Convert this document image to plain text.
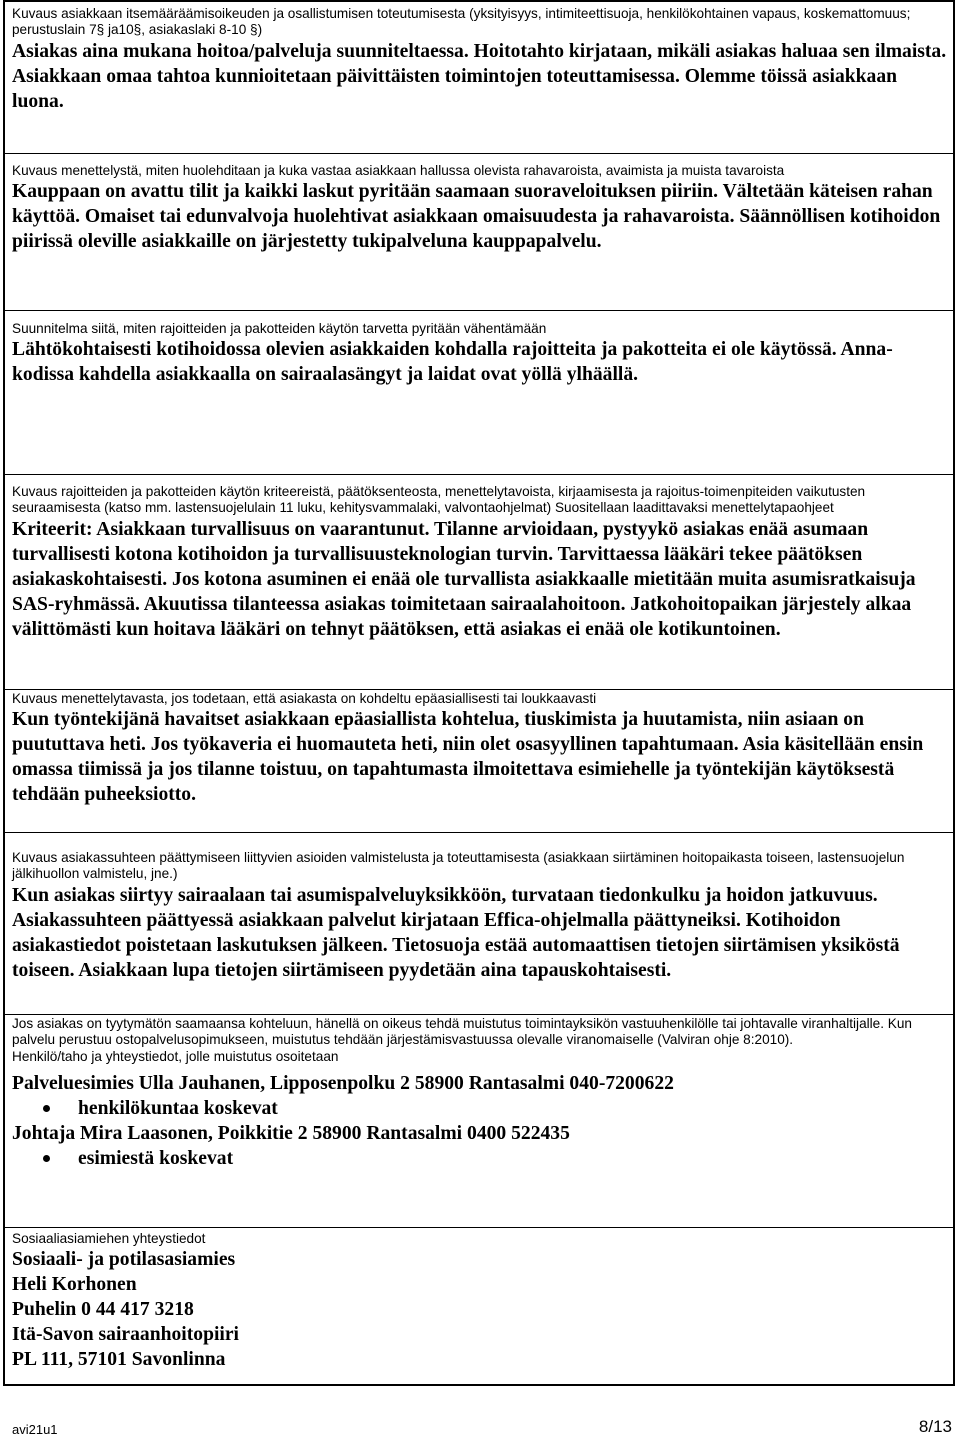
Kuvaus asiakkaan itsemääräämisoikeuden ja osallistumisen toteutumisesta (yksityisyys, intimiteettisuoja, henkilökohtainen vapaus, koskemattomuus; perustuslain 7§ ja10§, asiakaslaki 8-10 §)
Asiakas aina mukana hoitoa/palveluja suunniteltaessa. Hoitotahto kirjataan, mikäli asiakas haluaa sen ilmaista. Asiakkaan omaa tahtoa kunnioitetaan päivittäisten toimintojen toteuttamisessa. Olemme töissä asiakkaan luona.
Kuvaus menettelystä, miten huolehditaan ja kuka vastaa asiakkaan hallussa olevista rahavaroista, avaimista ja muista tavaroista
Kauppaan on avattu tilit ja kaikki laskut pyritään saamaan suoraveloituksen piiriin. Vältetään käteisen rahan käyttöä. Omaiset tai edunvalvoja huolehtivat asiakkaan omaisuudesta ja rahavaroista. Säännöllisen kotihoidon piirissä oleville asiakkaille on järjestetty tukipalveluna kauppapalvelu.
Suunnitelma siitä, miten rajoitteiden ja pakotteiden käytön tarvetta pyritään vähentämään
Lähtökohtaisesti kotihoidossa olevien asiakkaiden kohdalla rajoitteita ja pakotteita ei ole käytössä. Anna-kodissa kahdella asiakkaalla on sairaalasängyt ja laidat ovat yöllä ylhäällä.
Kuvaus rajoitteiden ja pakotteiden käytön kriteereistä, päätöksenteosta, menettelytavoista, kirjaamisesta ja rajoitus-toimenpiteiden vaikutusten seuraamisesta (katso mm. lastensuojelulain 11 luku, kehitysvammalaki, valvontaohjelmat) Suositellaan laadittavaksi menettelytapaohjeet
Kriteerit: Asiakkaan turvallisuus on vaarantunut. Tilanne arvioidaan, pystyykö asiakas enää asumaan turvallisesti kotona kotihoidon ja turvallisuusteknologian turvin. Tarvittaessa lääkäri tekee päätöksen asiakaskohtaisesti. Jos kotona asuminen ei enää ole turvallista asiakkaalle mietitään muita asumisratkaisuja SAS-ryhmässä. Akuutissa tilanteessa asiakas toimitetaan sairaalahoitoon. Jatkohoitopaikan järjestely alkaa välittömästi kun hoitava lääkäri on tehnyt päätöksen, että asiakas ei enää ole kotikuntoinen.
Kuvaus menettelytavasta, jos todetaan, että asiakasta on kohdeltu epäasiallisesti tai loukkaavasti
Kun työntekijänä havaitset asiakkaan epäasiallista kohtelua, tiuskimista ja huutamista, niin asiaan on puututtava heti. Jos työkaveria ei huomauteta heti, niin olet osasyyllinen tapahtumaan. Asia käsitellään ensin omassa tiimissä ja jos tilanne toistuu, on tapahtumasta ilmoitettava esimiehelle ja työntekijän käytöksestä tehdään puheeksiotto.
Kuvaus asiakassuhteen päättymiseen liittyvien asioiden valmistelusta ja toteuttamisesta (asiakkaan siirtäminen hoitopaikasta toiseen, lastensuojelun jälkihuollon valmistelu, jne.)
Kun asiakas siirtyy sairaalaan tai asumispalveluyksikköön, turvataan tiedonkulku ja hoidon jatkuvuus. Asiakassuhteen päättyessä asiakkaan palvelut kirjataan Effica-ohjelmalla päättyneiksi. Kotihoidon asiakastiedot poistetaan laskutuksen jälkeen. Tietosuoja estää automaattisen tietojen siirtämisen yksiköstä toiseen. Asiakkaan lupa tietojen siirtämiseen pyydetään aina tapauskohtaisesti.
Jos asiakas on tyytymätön saamaansa kohteluun, hänellä on oikeus tehdä muistutus toimintayksikön vastuuhenkilölle tai johtavalle viranhaltijalle. Kun palvelu perustuu ostopalvelusopimukseen, muistutus tehdään järjestämisvastuussa olevalle viranomaiselle (Valviran ohje 8:2010).
Henkilö/taho ja yhteystiedot, jolle muistutus osoitetaan
Palveluesimies Ulla Jauhanen, Lipposenpolku 2 58900 Rantasalmi 040-7200622
henkilökuntaa koskevat
Johtaja Mira Laasonen, Poikkitie 2 58900 Rantasalmi 0400 522435
esimiestä koskevat
Sosiaaliasiamiehen yhteystiedot
Sosiaali- ja potilasasiamies
Heli Korhonen
Puhelin 0 44 417 3218
Itä-Savon sairaanhoitopiiri
PL 111, 57101 Savonlinna
avi21u1	8/13
